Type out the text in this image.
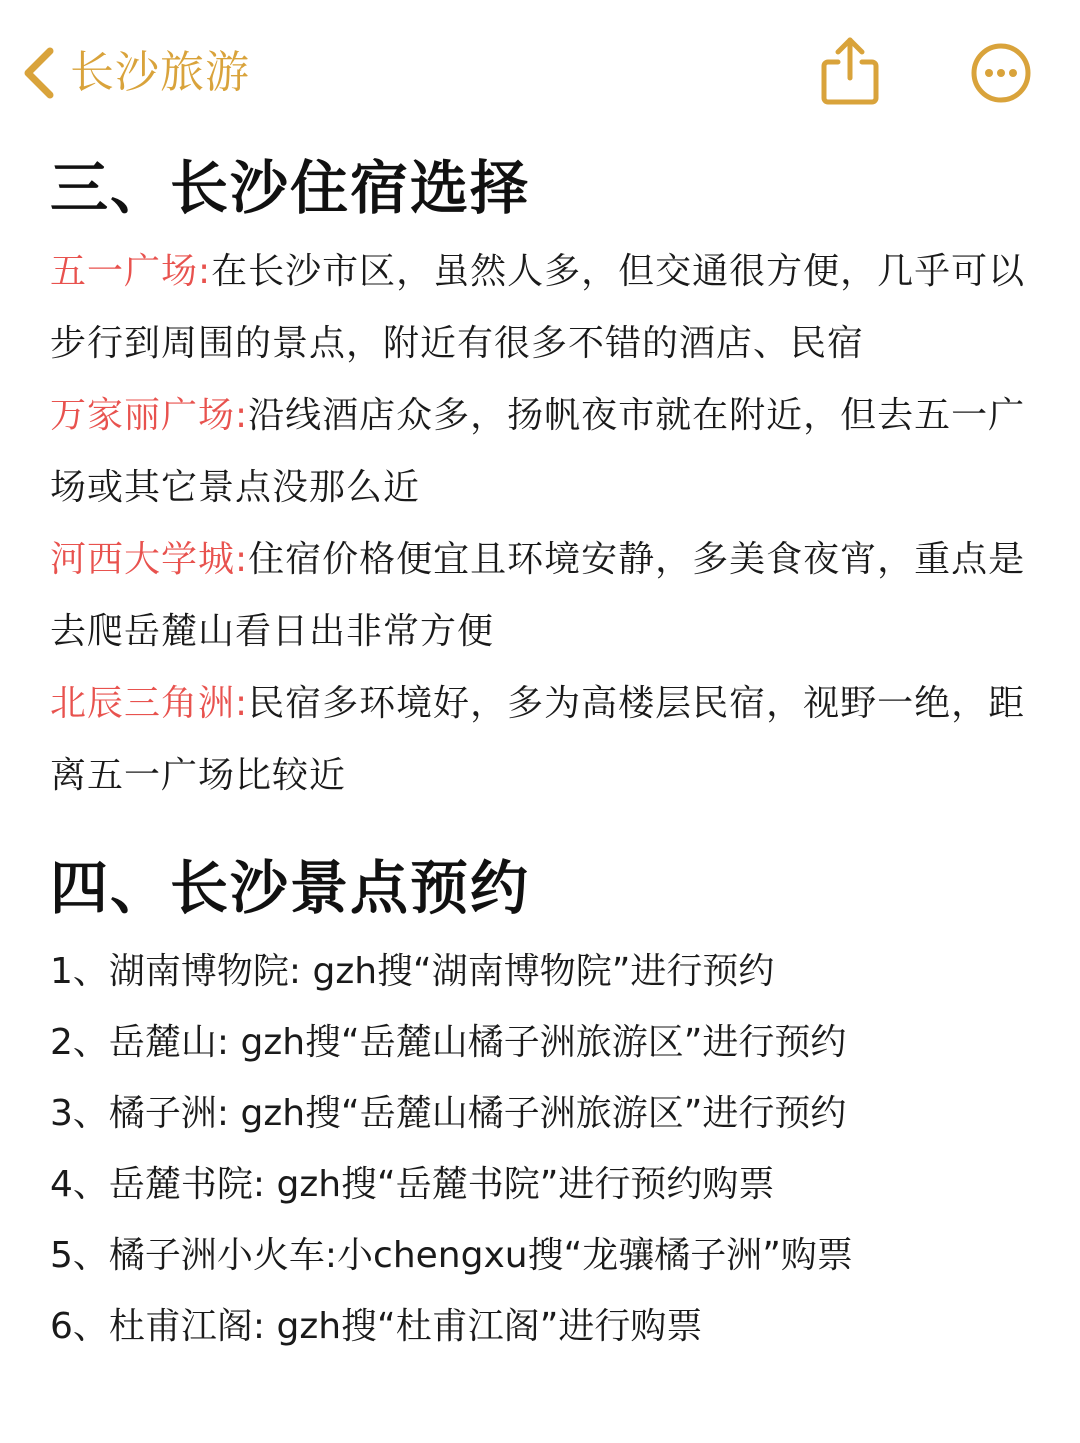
长沙旅游
三、长沙住宿选择

五一广场:在长沙市区，虽然人多，但交通很方便，几乎可以步行到周围的景点，附近有很多不错的酒店、民宿

万家丽广场:沿线酒店众多，扬帆夜市就在附近，但去五一广场或其它景点没那么近

河西大学城:住宿价格便宜且环境安静，多美食夜宵，重点是去爬岳麓山看日出非常方便

北辰三角洲:民宿多环境好，多为高楼层民宿，视野一绝，距离五一广场比较近

四、长沙景点预约
1、湖南博物院: gzh搜“湖南博物院”进行预约
2、岳麓山: gzh搜“岳麓山橘子洲旅游区”进行预约
3、橘子洲: gzh搜“岳麓山橘子洲旅游区”进行预约
4、岳麓书院: gzh搜“岳麓书院”进行预约购票
5、橘子洲小火车:小chengxu搜“龙骧橘子洲”购票
6、杜甫江阁: gzh搜“杜甫江阁”进行购票
